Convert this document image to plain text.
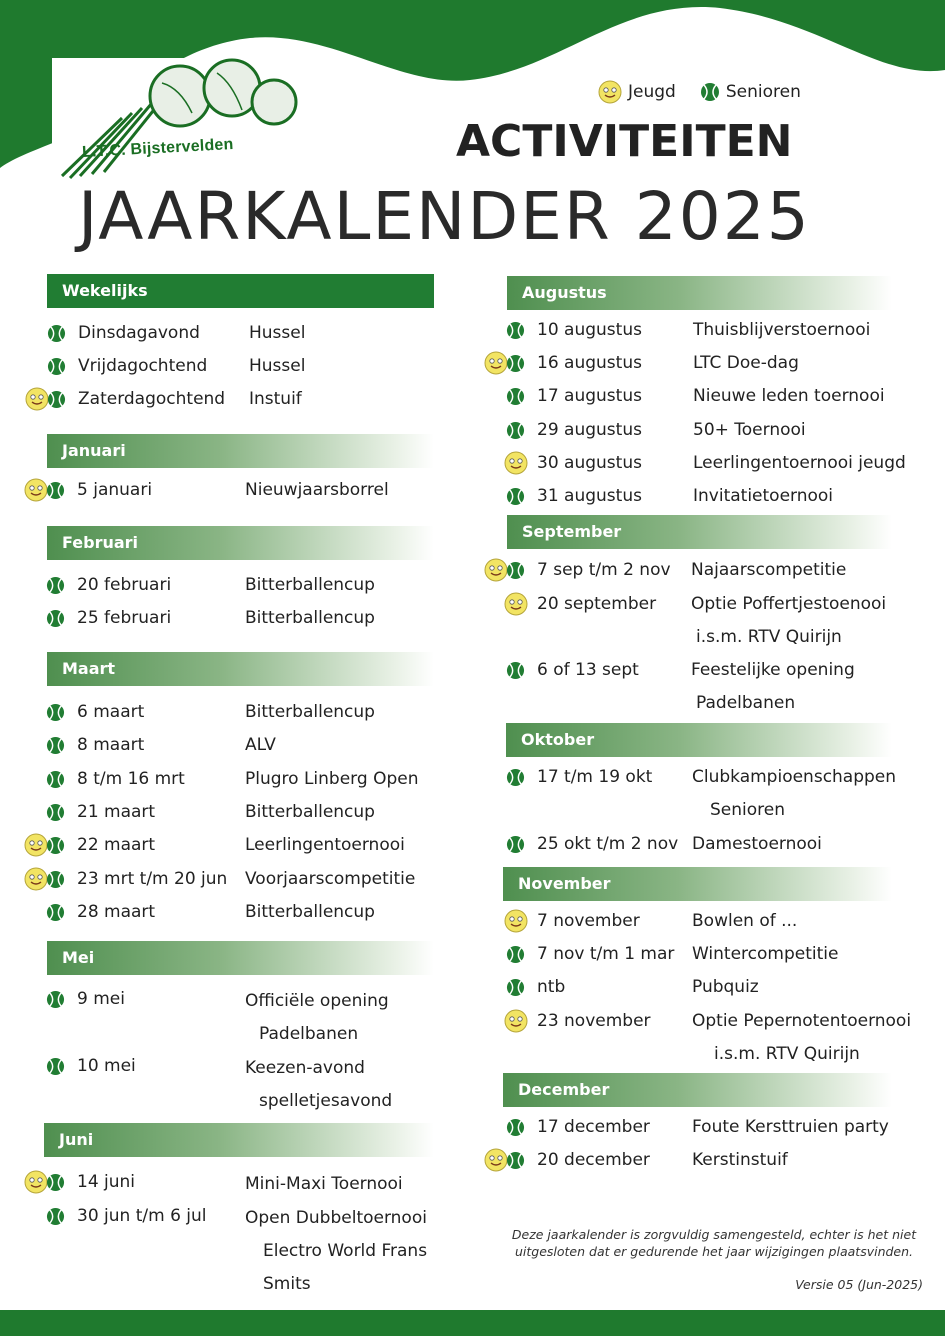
L.T.C. Bijstervelden
Jeugd	Senioren
ACTIVITEITEN
JAARKALENDER 2025
Wekelijks
Dinsdagavond	Hussel
Vrijdagochtend Hussel
Zaterdagochtend Instuif
Januari
5 januari	Nieuwjaarsborrel
Februari
20 februari	Bitterballencup
25 februari	Bitterballencup
Maart
6 maart	Bitterballencup
8 maart	ALV
8 t/m 16 mrt	Plugro Linberg Open
21 maart	Bitterballencup
22 maart	Leerlingentoernooi
23 mrt t/m 20 jun Voorjaarscompetitie
28 maart	Bitterballencup
Mei
9 mei	Officiële opening
Padelbanen
10 mei	Keezen-avond
spelletjesavond
Juni
14 juni	Mini-Maxi Toernooi
30 jun t/m 6 jul Open Dubbeltoernooi
Electro World Frans
Smits
Augustus
10 augustus	Thuisblijverstoernooi
16 augustus	LTC Doe-dag
17 augustus	Nieuwe leden toernooi
29 augustus	50+ Toernooi
30 augustus	Leerlingentoernooi jeugd
31 augustus	Invitatietoernooi
September
7 sep t/m 2 nov Najaarscompetitie
20 september Optie Poffertjestoenooi
i.s.m. RTV Quirijn
6 of 13 sept	Feestelijke opening
Padelbanen
Oktober
17 t/m 19 okt Clubkampioenschappen
Senioren
25 okt t/m 2 nov Damestoernooi
November
7 november	Bowlen of ...
7 nov t/m 1 mar Wintercompetitie
ntb	Pubquiz
23 november Optie Pepernotentoernooi
i.s.m. RTV Quirijn
December
17 december Foute Kersttruien party
20 december Kerstinstuif
Deze jaarkalender is zorgvuldig samengesteld, echter is het niet uitgesloten dat er gedurende het jaar wijzigingen plaatsvinden.
Versie 05 (Jun-2025)
